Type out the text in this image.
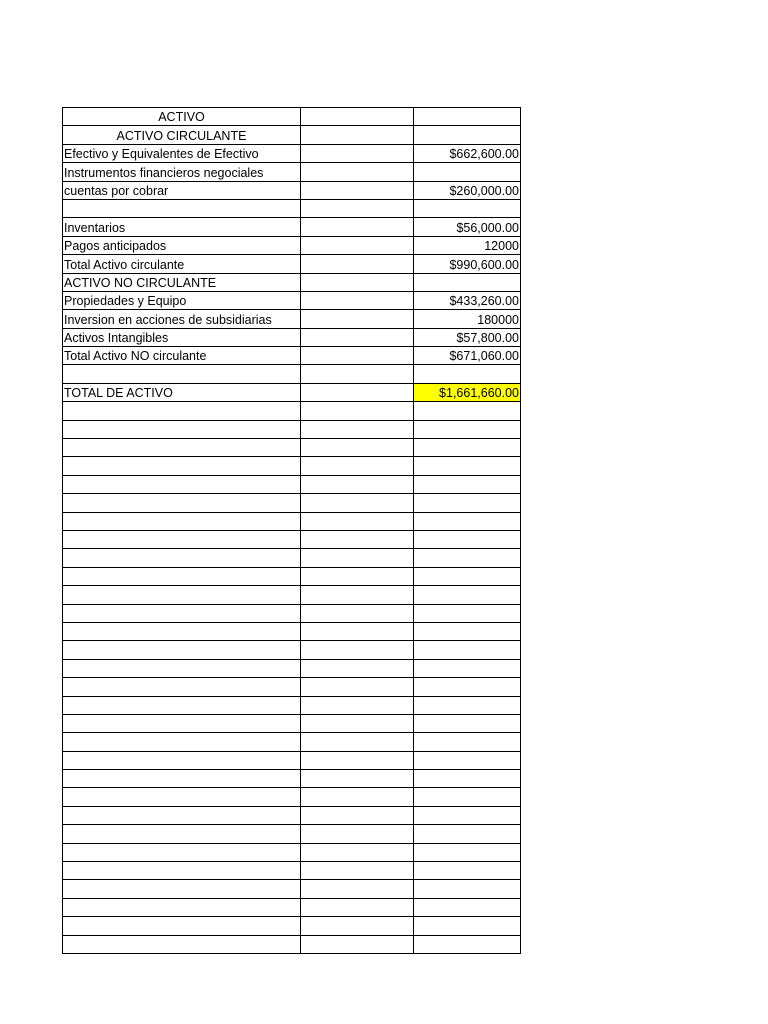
ACTIVO		
ACTIVO CIRCULANTE		
Efectivo y Equivalentes de Efectivo		$662,600.00
Instrumentos financieros negociales		
cuentas por cobrar		$260,000.00

Inventarios		$56,000.00
Pagos anticipados		12000
Total Activo circulante		$990,600.00
ACTIVO NO CIRCULANTE		
Propiedades y Equipo		$433,260.00
Inversion en acciones de subsidiarias		180000
Activos Intangibles		$57,800.00
Total Activo NO circulante		$671,060.00

TOTAL DE ACTIVO		$1,661,660.00
